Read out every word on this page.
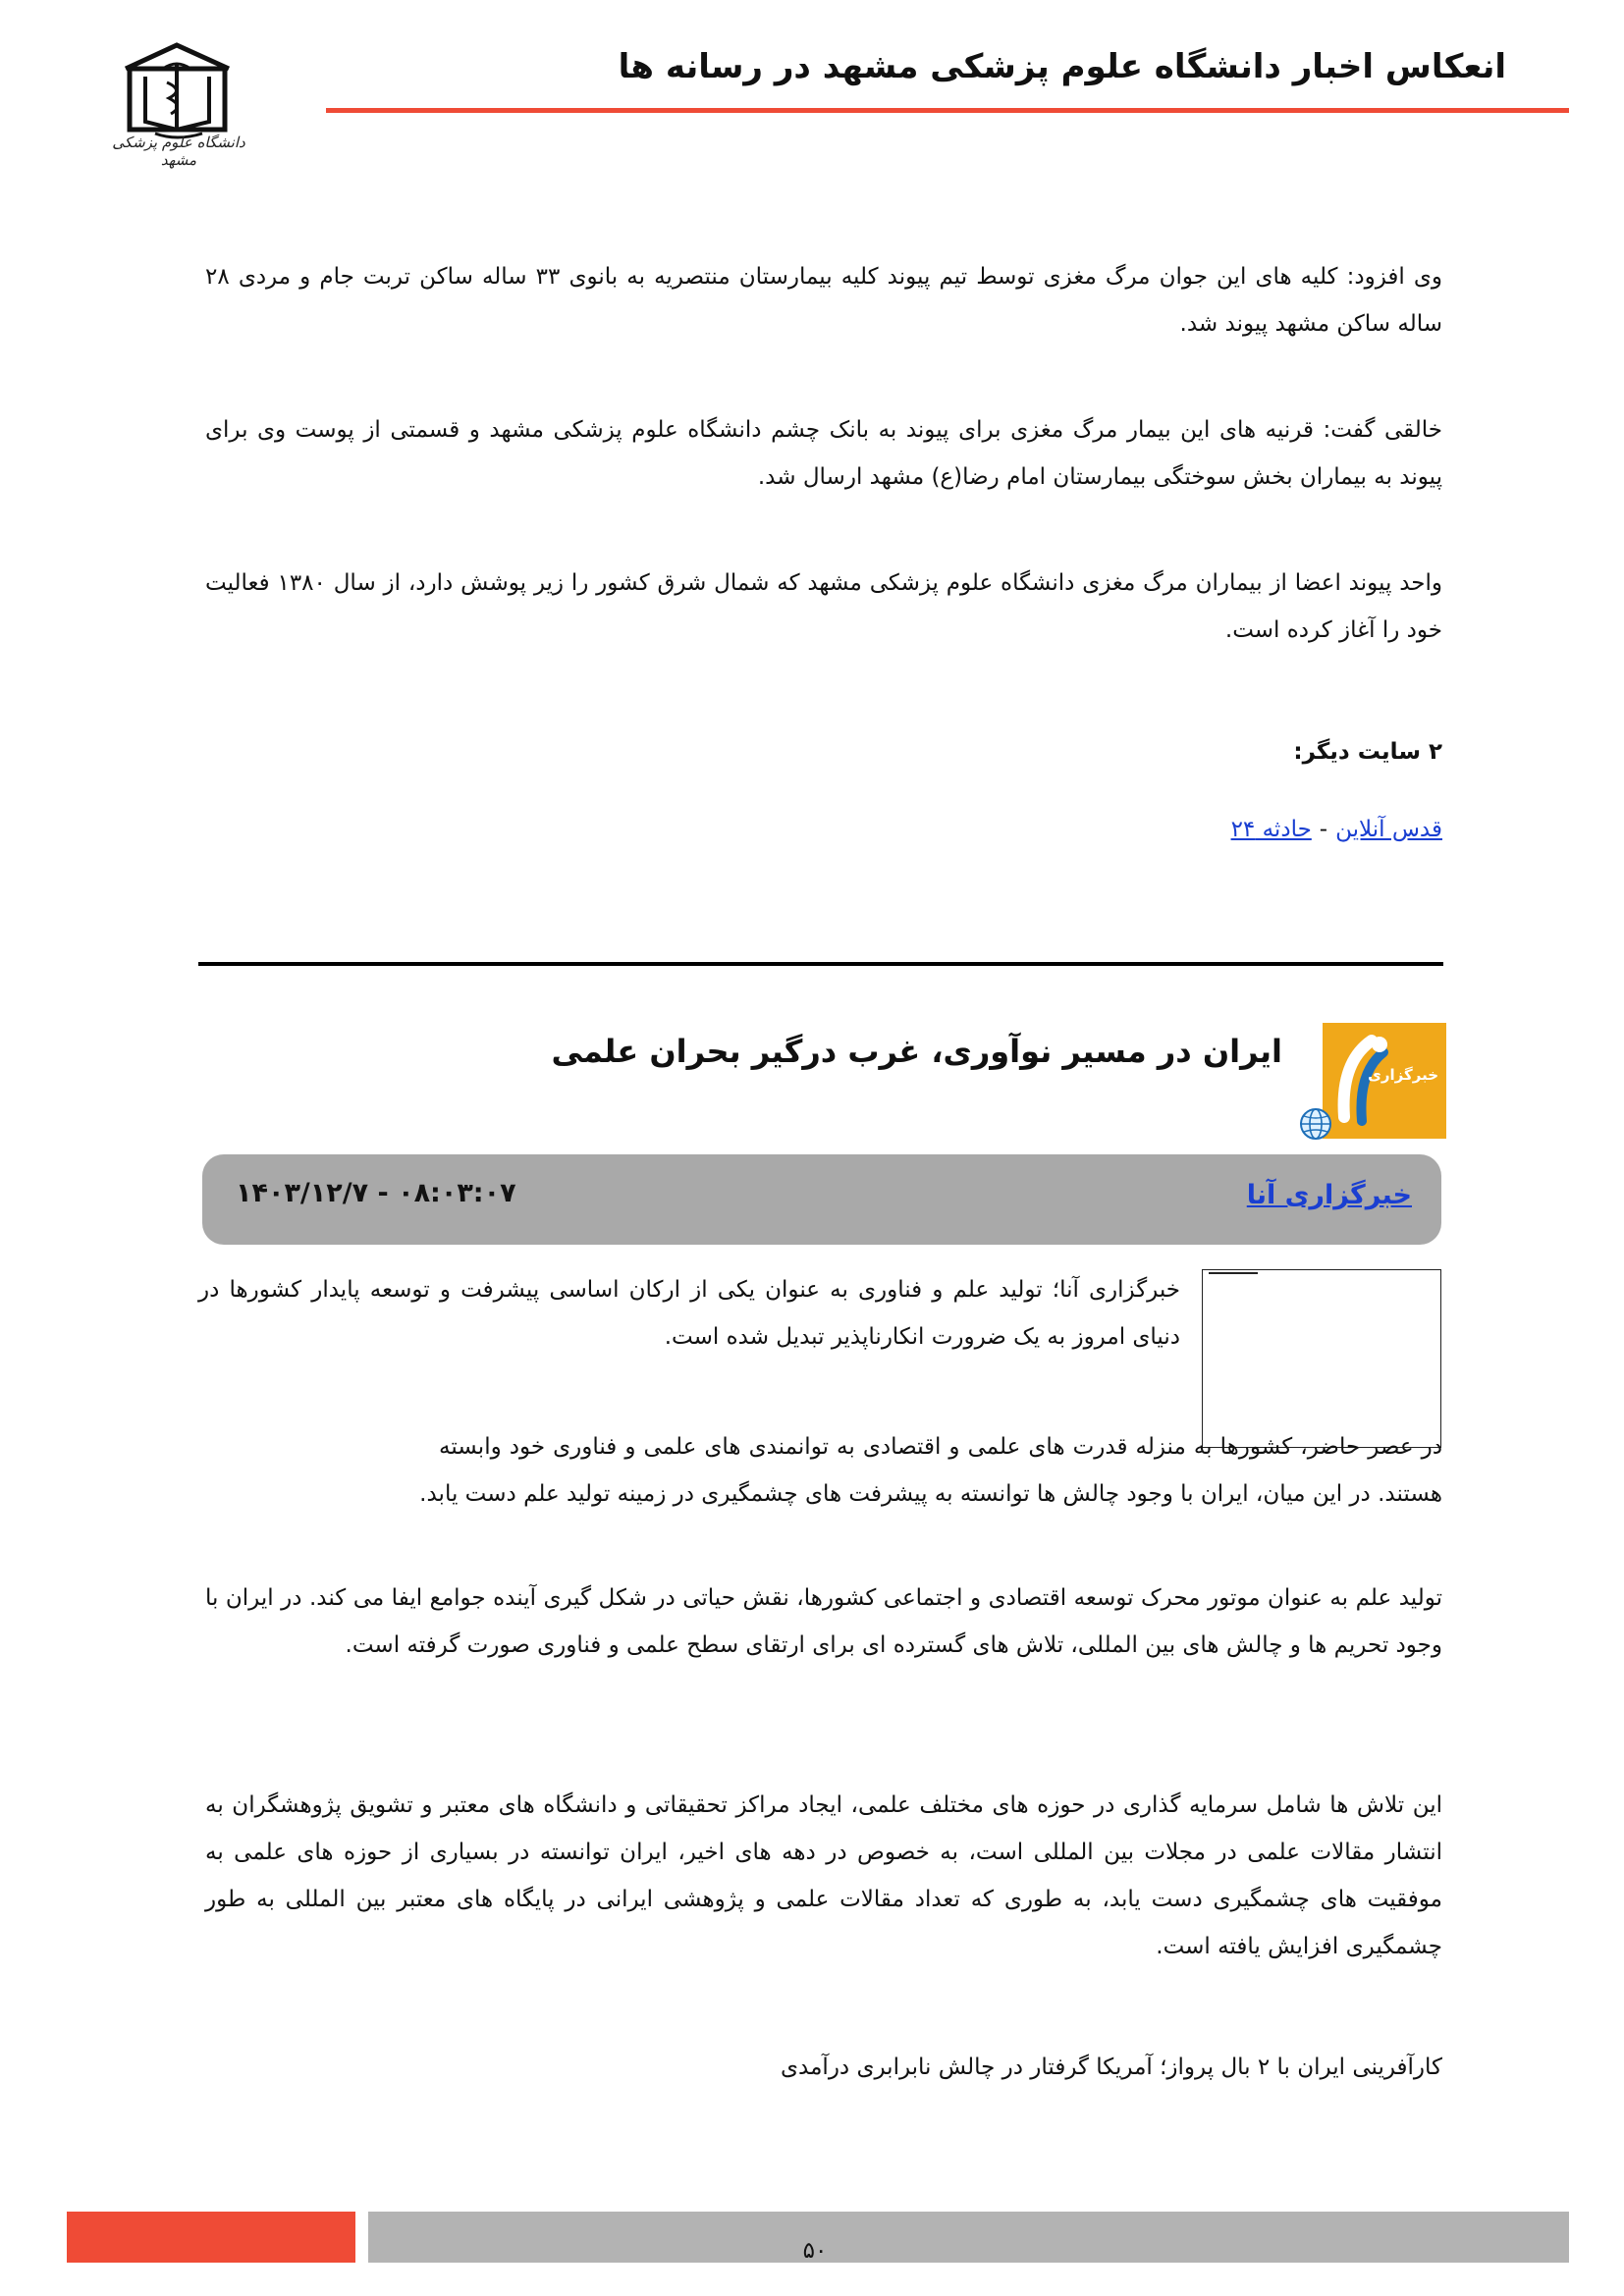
انعکاس اخبار دانشگاه علوم پزشکی مشهد در رسانه ها
دانشگاه علوم پزشکی مشهد
وی افزود: کلیه های این جوان مرگ مغزی توسط تیم پیوند کلیه بیمارستان منتصریه به بانوی ۳۳ ساله ساکن تربت جام و مردی ۲۸ ساله ساکن مشهد پیوند شد.
خالقی گفت: قرنیه های این بیمار مرگ مغزی برای پیوند به بانک چشم دانشگاه علوم پزشکی مشهد و قسمتی از پوست وی برای پیوند به بیماران بخش سوختگی بیمارستان امام رضا(ع) مشهد ارسال شد.
واحد پیوند اعضا از بیماران مرگ مغزی دانشگاه علوم پزشکی مشهد که شمال شرق کشور را زیر پوشش دارد، از سال ۱۳۸۰ فعالیت خود را آغاز کرده است.
۲ سایت دیگر:
قدس آنلاین-حادثه ۲۴
خبرگزاری
ایران در مسیر نوآوری، غرب درگیر بحران علمی
خبرگزاری آنا
۱۴۰۳/۱۲/۷ - ۰۸:۰۳:۰۷
خبرگزاری آنا؛ تولید علم و فناوری به عنوان یکی از ارکان اساسی پیشرفت و توسعه پایدار کشورها در دنیای امروز به یک ضرورت انکارناپذیر تبدیل شده است.
در عصر حاضر، کشورها به منزله قدرت های علمی و اقتصادی به توانمندی های علمی و فناوری خود وابسته هستند. در این میان، ایران با وجود چالش ها توانسته به پیشرفت های چشمگیری در زمینه تولید علم دست یابد.
تولید علم به عنوان موتور محرک توسعه اقتصادی و اجتماعی کشورها، نقش حیاتی در شکل گیری آینده جوامع ایفا می کند. در ایران با وجود تحریم ها و چالش های بین المللی، تلاش های گسترده ای برای ارتقای سطح علمی و فناوری صورت گرفته است.
این تلاش ها شامل سرمایه گذاری در حوزه های مختلف علمی، ایجاد مراکز تحقیقاتی و دانشگاه های معتبر و تشویق پژوهشگران به انتشار مقالات علمی در مجلات بین المللی است، به خصوص در دهه های اخیر، ایران توانسته در بسیاری از حوزه های علمی به موفقیت های چشمگیری دست یابد، به طوری که تعداد مقالات علمی و پژوهشی ایرانی در پایگاه های معتبر بین المللی به طور چشمگیری افزایش یافته است.
کارآفرینی ایران با ۲ بال پرواز؛ آمریکا گرفتار در چالش نابرابری درآمدی
۵۰
